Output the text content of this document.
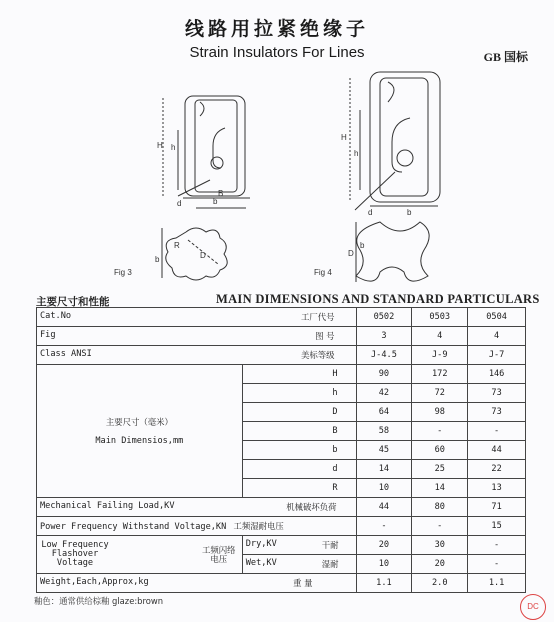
线路用拉紧绝缘子
Strain Insulators For Lines	GB 国标
H h
d	b
B
R
D
b
Fig 3
H
h
d	b
D
b
Fig 4
主要尺寸和性能	MAIN DIMENSIONS AND STANDARD PARTICULARS
Cat.No 工厂代号		0502	0503	0504
Fig 图 号		3	4	4
Class ANSI 美标等级		J-4.5	J-9	J-7

主要尺寸（毫米）
Main Dimensios,mm	H	90	172	146
	h	42	72	73
	D	64	98	73
	B	58	-	-
	b	45	60	44
	d	14	25	22
	R	10	14	13
Mechanical Failing Load,KV 机械破坏负荷		44	80	71
Power Frequency Withstand Voltage,KN 工频湿耐电压		-	-	15

Low Frequency Flashover Voltage
工频闪络电压	Dry,KV 干耐	20	30	-
	Wet,KV 湿耐	10	20	-
Weight,Each,Approx,kg 重 量		1.1	2.0	1.1
釉色：通常供给棕釉 glaze:brown
DC
